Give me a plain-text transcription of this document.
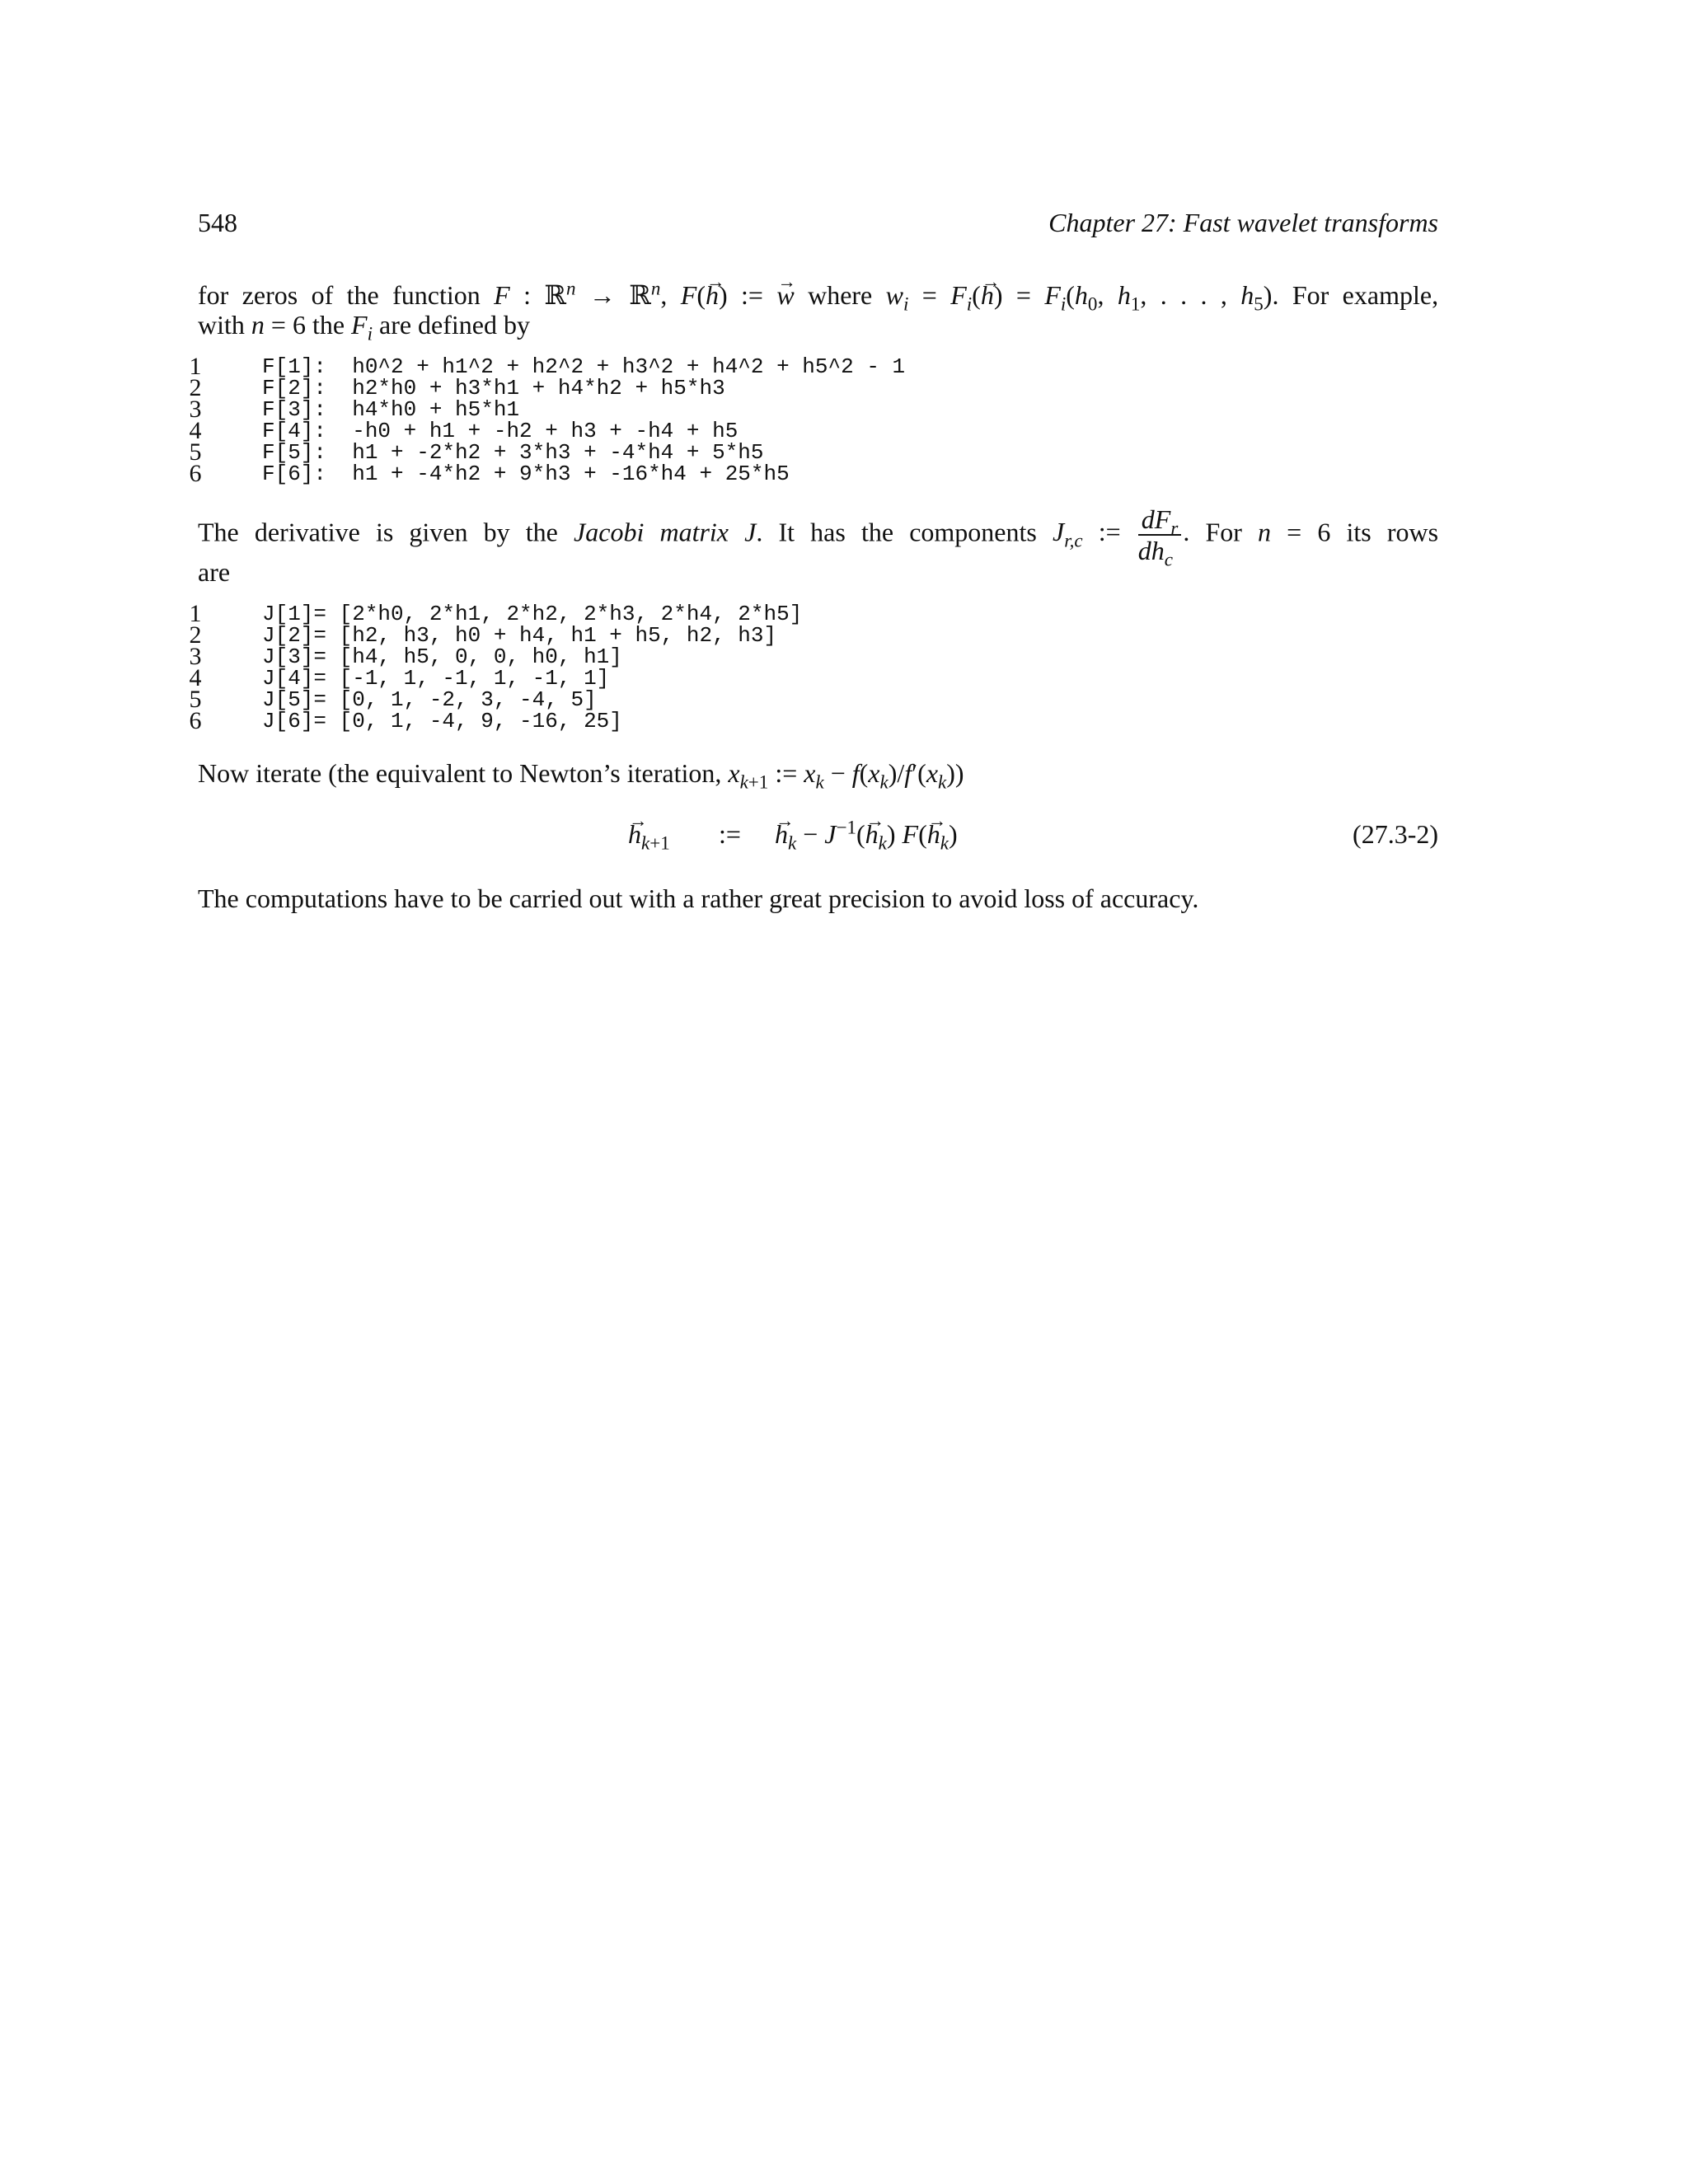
548	Chapter 27: Fast wavelet transforms
for zeros of the function F : ℝ$^n$ → ℝ$^n$, F(→ h) := → w where $w_i = F_i(\to h) = F_i(h_0$, $h_1$, . . . , $h_5$). For example,
with n = 6 the $F_i$ are defined by
1	F[1]:  h0^2 + h1^2 + h2^2 + h3^2 + h4^2 + h5^2 - 1
2	F[2]:  h2*h0 + h3*h1 + h4*h2 + h5*h3
3	F[3]:  h4*h0 + h5*h1
4	F[4]:  -h0 + h1 + -h2 + h3 + -h4 + h5
5	F[5]:  h1 + -2*h2 + 3*h3 + -4*h4 + 5*h5
6	F[6]:  h1 + -4*h2 + 9*h3 + -16*h4 + 25*h5
The derivative is given by the Jacobi matrix J. It has the components $J_{r,c}$ := $\frac{dF_r}{dh_c}$ . For n = 6 its rows
are
1	J[1]= [2*h0, 2*h1, 2*h2, 2*h3, 2*h4, 2*h5]
2	J[2]= [h2, h3, h0 + h4, h1 + h5, h2, h3]
3	J[3]= [h4, h5, 0, 0, h0, h1]
4	J[4]= [-1, 1, -1, 1, -1, 1]
5	J[5]= [0, 1, -2, 3, -4, 5]
6	J[6]= [0, 1, -4, 9, -16, 25]
Now iterate (the equivalent to Newton’s iteration, $x_{k+1}$ := $x_k - f(x_k)/f'(x_k)$)
→ $h_{k+1}$ :=
→ $h_k - J^{-1}(\to h_k)$ $F(\to h_k)$	(27.3-2)
The computations have to be carried out with a rather great precision to avoid loss of accuracy.
